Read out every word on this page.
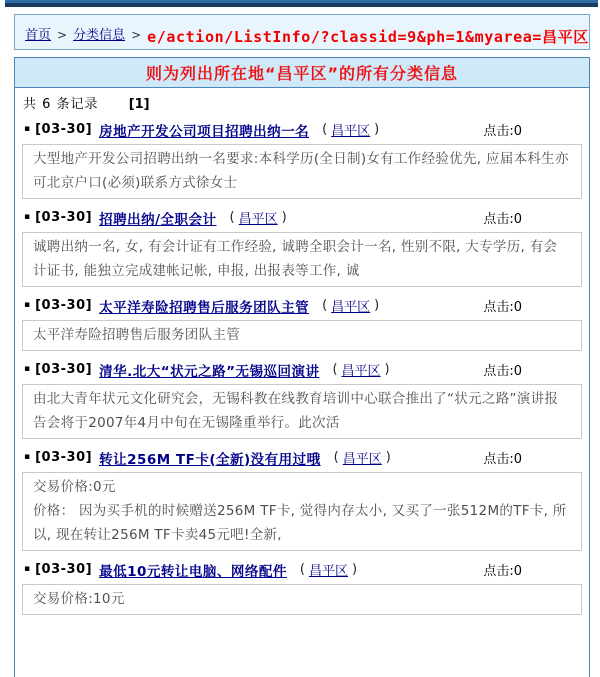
首页 > 分类信息 > e/action/ListInfo/?classid=9&ph=1&myarea=昌平区
则为列出所在地“昌平区”的所有分类信息
共 6 条记录 [1]
▪ [03-30] 房地产开发公司项目招聘出纳一名 ( 昌平区 )	点击:0
大型地产开发公司招聘出纳一名要求:本科学历(全日制)女有工作经验优先, 应届本科生亦可北京户口(必须)联系方式徐女士
▪ [03-30] 招聘出纳/全职会计 ( 昌平区 )	点击:0
诚聘出纳一名, 女, 有会计证有工作经验, 诚聘全职会计一名, 性别不限, 大专学历, 有会计证书, 能独立完成建帐记帐, 申报, 出报表等工作, 诚
▪ [03-30] 太平洋寿险招聘售后服务团队主管 ( 昌平区 )	点击:0
太平洋寿险招聘售后服务团队主管
▪ [03-30] 清华.北大“状元之路”无锡巡回演讲 ( 昌平区 )	点击:0
由北大青年状元文化研究会，无锡科教在线教育培训中心联合推出了“状元之路”演讲报告会将于2007年4月中旬在无锡隆重举行。此次活
▪ [03-30] 转让256M TF卡(全新)没有用过哦 ( 昌平区 )	点击:0
交易价格:0元
价格： 因为买手机的时候赠送256M TF卡, 觉得内存太小, 又买了一张512M的TF卡, 所以, 现在转让256M TF卡卖45元吧!全新,
▪ [03-30] 最低10元转让电脑、网络配件 ( 昌平区 )	点击:0
交易价格:10元
